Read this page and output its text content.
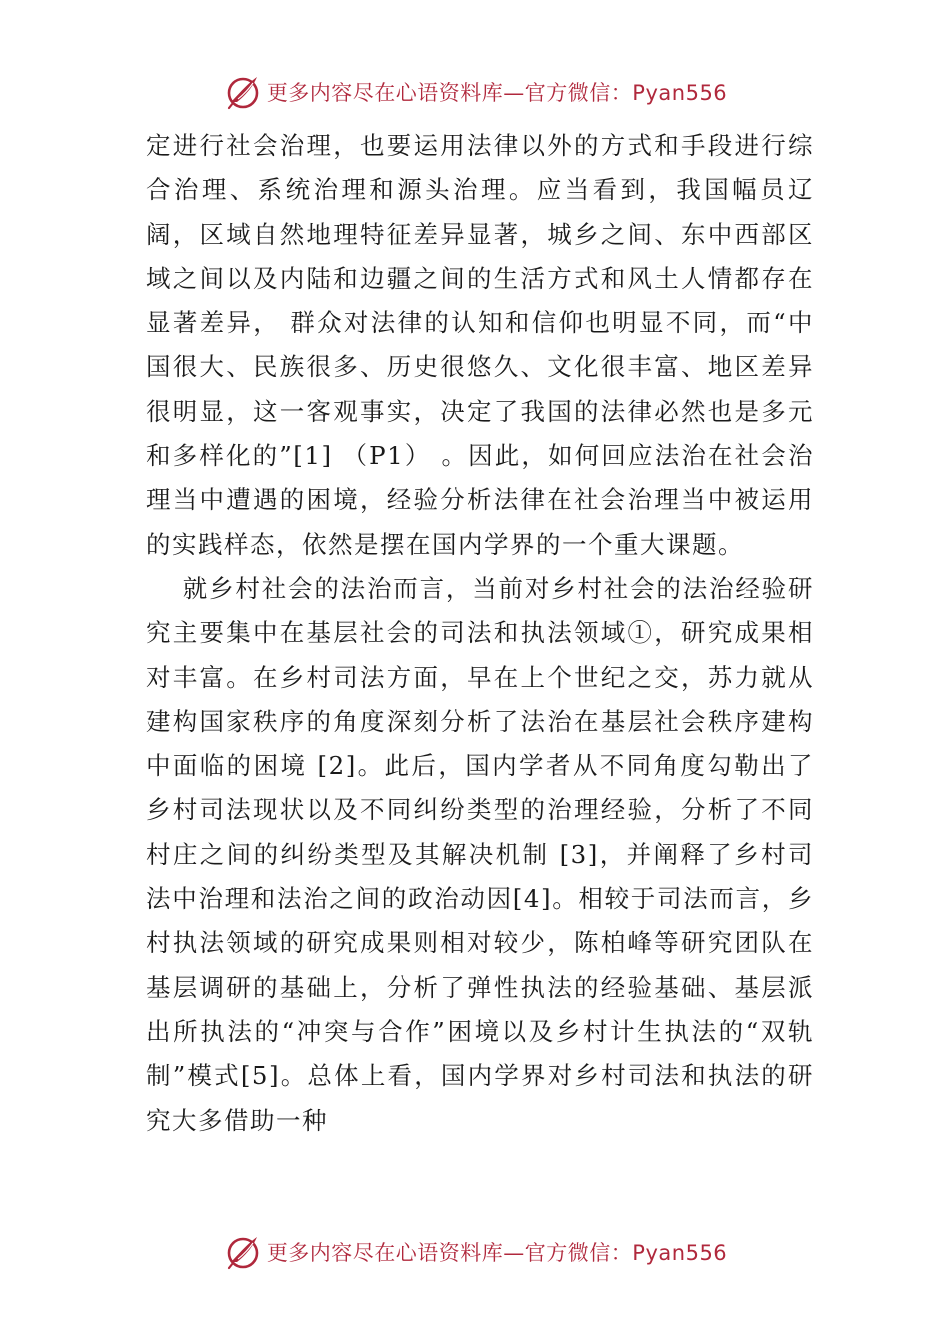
更多内容尽在心语资料库—官方微信：Pyan556

定进行社会治理，也要运用法律以外的方式和手段进行综合治理、系统治理和源头治理。应当看到，我国幅员辽阔，区域自然地理特征差异显著，城乡之间、东中西部区域之间以及内陆和边疆之间的生活方式和风土人情都存在显著差异， 群众对法律的认知和信仰也明显不同，而“中国很大、民族很多、历史很悠久、文化很丰富、地区差异很明显，这一客观事实，决定了我国的法律必然也是多元和多样化的”[1] （P1） 。因此，如何回应法治在社会治理当中遭遇的困境，经验分析法律在社会治理当中被运用的实践样态，依然是摆在国内学界的一个重大课题。

就乡村社会的法治而言，当前对乡村社会的法治经验研究主要集中在基层社会的司法和执法领域①，研究成果相对丰富。在乡村司法方面，早在上个世纪之交，苏力就从建构国家秩序的角度深刻分析了法治在基层社会秩序建构中面临的困境 [2]。此后，国内学者从不同角度勾勒出了乡村司法现状以及不同纠纷类型的治理经验，分析了不同村庄之间的纠纷类型及其解决机制 [3]，并阐释了乡村司法中治理和法治之间的政治动因[4]。相较于司法而言，乡村执法领域的研究成果则相对较少，陈柏峰等研究团队在基层调研的基础上，分析了弹性执法的经验基础、基层派出所执法的“冲突与合作”困境以及乡村计生执法的“双轨制”模式[5]。总体上看，国内学界对乡村司法和执法的研究大多借助一种

更多内容尽在心语资料库—官方微信：Pyan556
